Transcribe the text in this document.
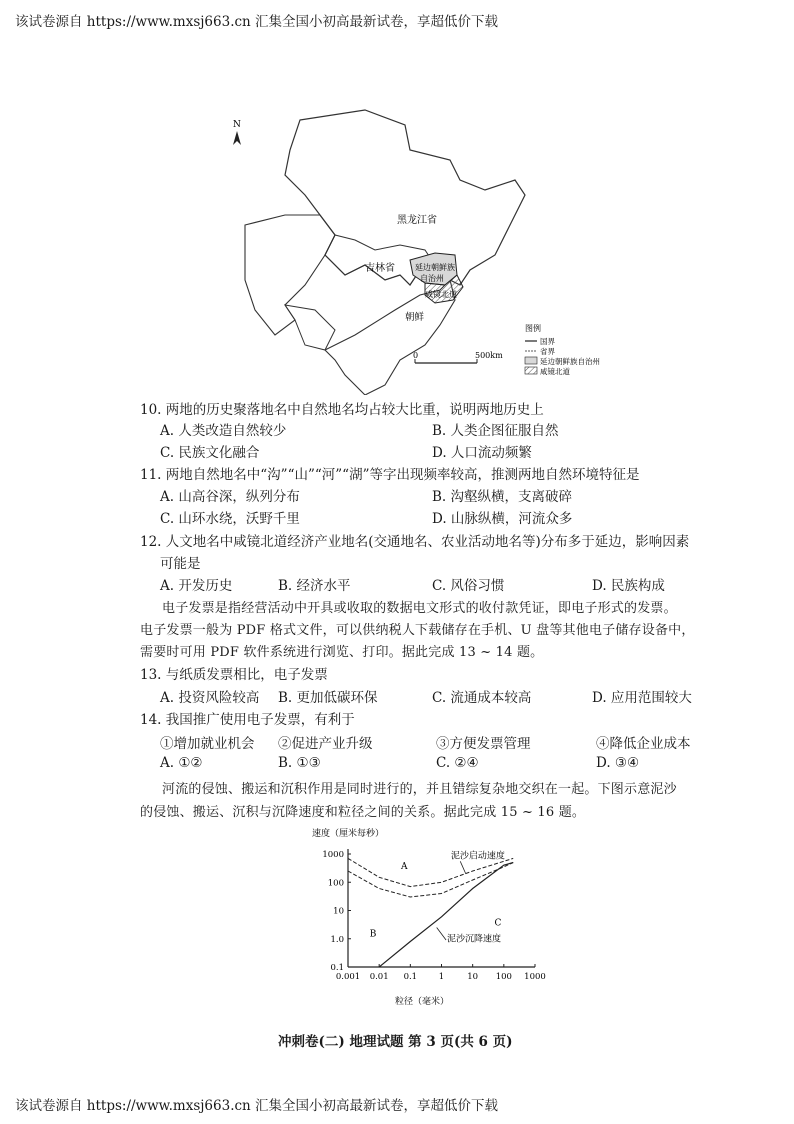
该试卷源自 https://www.mxsj663.cn 汇集全国小初高最新试卷，享超低价下载
N
黑龙江省
吉林省	延边朝鲜族
自治州
咸镜北道
朝鲜
0	500km
图例
国界
省界
延边朝鲜族自治州
咸镜北道
10. 两地的历史聚落地名中自然地名均占较大比重，说明两地历史上
A. 人类改造自然较少	B. 人类企图征服自然
C. 民族文化融合	D. 人口流动频繁
11. 两地自然地名中“沟”“山”“河”“湖”等字出现频率较高，推测两地自然环境特征是
A. 山高谷深，纵列分布	B. 沟壑纵横，支离破碎
C. 山环水绕，沃野千里	D. 山脉纵横，河流众多
12. 人文地名中咸镜北道经济产业地名(交通地名、农业活动地名等)分布多于延边，影响因素
可能是
A. 开发历史	B. 经济水平	C. 风俗习惯	D. 民族构成
电子发票是指经营活动中开具或收取的数据电文形式的收付款凭证，即电子形式的发票。
电子发票一般为 PDF 格式文件，可以供纳税人下载储存在手机、U 盘等其他电子储存设备中，
需要时可用 PDF 软件系统进行浏览、打印。据此完成 13 ~ 14 题。
13. 与纸质发票相比，电子发票
A. 投资风险较高 B. 更加低碳环保	C. 流通成本较高	D. 应用范围较大
14. 我国推广使用电子发票，有利于
①增加就业机会 ②促进产业升级	③方便发票管理	④降低企业成本
A. ①②	B. ①③	C. ②④	D. ③④
河流的侵蚀、搬运和沉积作用是同时进行的，并且错综复杂地交织在一起。下图示意泥沙
的侵蚀、搬运、沉积与沉降速度和粒径之间的关系。据此完成 15 ~ 16 题。
速度（厘米每秒）
粒径（毫米）
0.001 0.01 0.1	1	10 100 1000
1000
100
10
1.0
0.1
A
B
C
泥沙启动速度
泥沙沉降速度
冲刺卷(二) 地理试题 第 3 页(共 6 页)
该试卷源自 https://www.mxsj663.cn 汇集全国小初高最新试卷，享超低价下载
